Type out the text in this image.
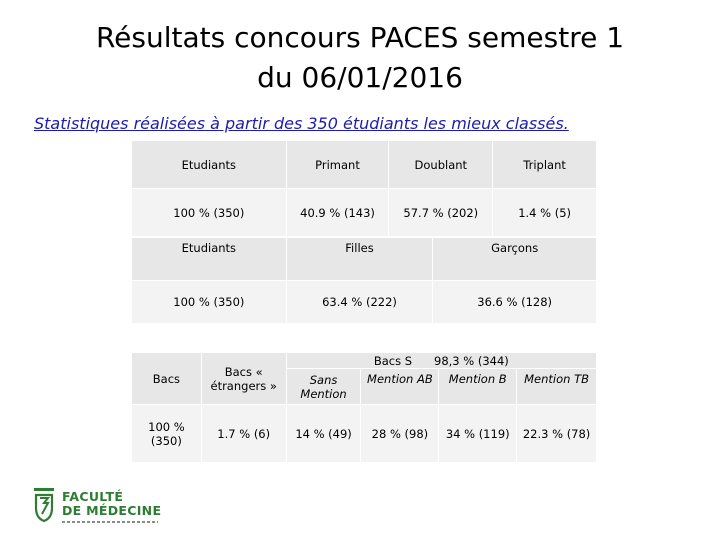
Résultats concours PACES semestre 1
du 06/01/2016
Statistiques réalisées à partir des 350 étudiants les mieux classés.
Etudiants	Primant	Doublant	Triplant
100 % (350)	40.9 % (143)	57.7 % (202)	1.4 % (5)
Etudiants	Filles	Garçons
100 % (350)	63.4 % (222)	36.6 % (128)
Bacs	Bacs « étrangers »	Bacs S      98,3 % (344)			
		Sans Mention	Mention AB	Mention B	Mention TB
100 % (350)	1.7 % (6)	14 % (49)	28 % (98)	34 % (119)	22.3 % (78)
FACULTÉ
DE MÉDECINE
